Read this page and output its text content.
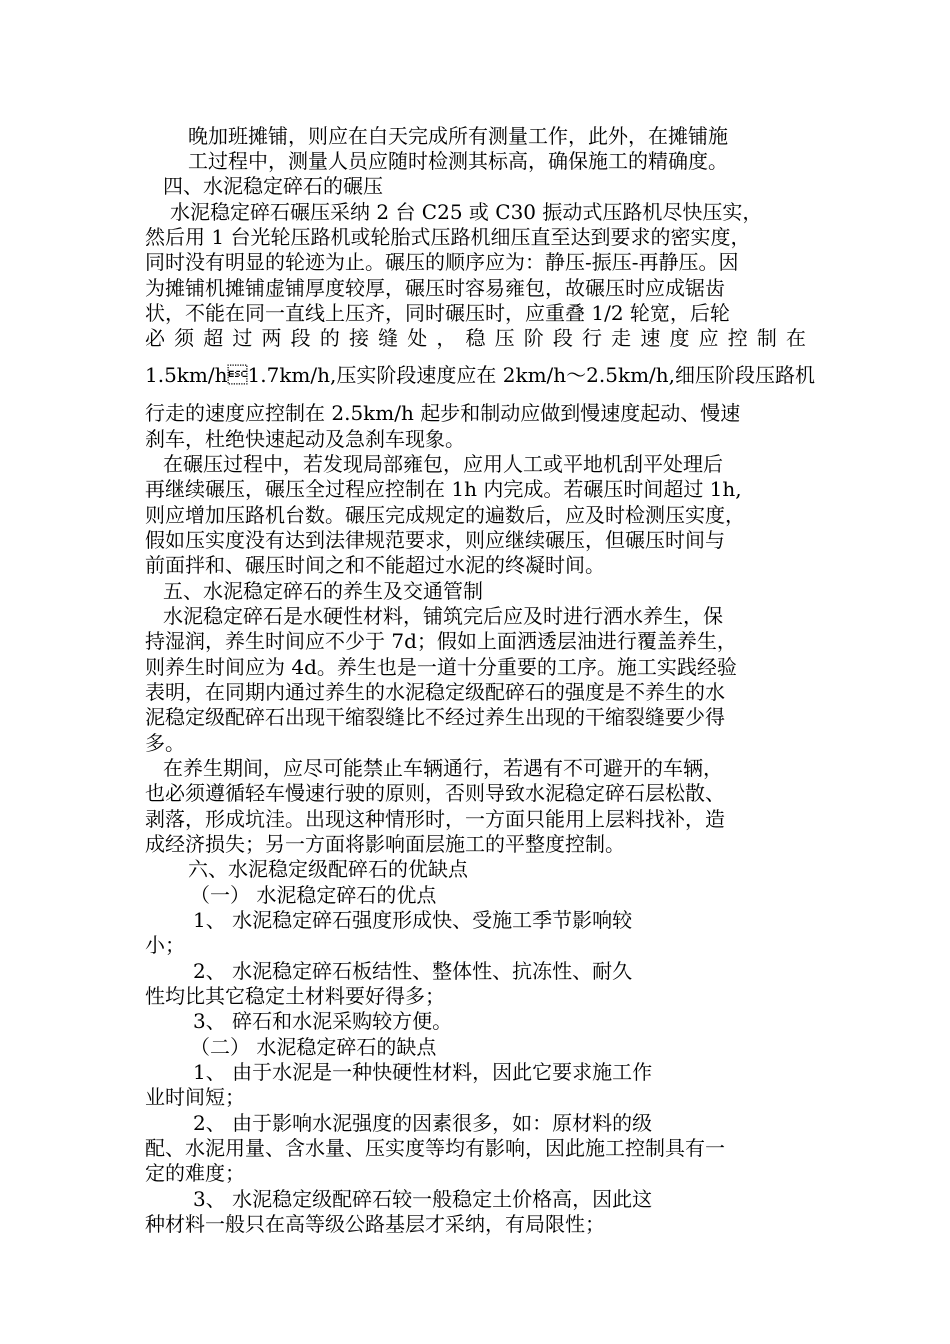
晚加班摊铺，则应在白天完成所有测量工作，此外，在摊铺施

工过程中，测量人员应随时检测其标高，确保施工的精确度。

四、水泥稳定碎石的碾压

水泥稳定碎石碾压采纳 2 台 C25 或 C30 振动式压路机尽快压实，

然后用 1 台光轮压路机或轮胎式压路机细压直至达到要求的密实度，

同时没有明显的轮迹为止。碾压的顺序应为：静压-振压-再静压。因

为摊铺机摊铺虚铺厚度较厚，碾压时容易雍包，故碾压时应成锯齿

状，不能在同一直线上压齐，同时碾压时，应重叠 1/2 轮宽，后轮

必须超过两段的接缝处，稳压阶段行走速度应控制在

1.5km/h1.7km/h,压实阶段速度应在 2km/h～2.5km/h,细压阶段压路机

行走的速度应控制在 2.5km/h 起步和制动应做到慢速度起动、慢速

刹车，杜绝快速起动及急刹车现象。

在碾压过程中，若发现局部雍包，应用人工或平地机刮平处理后

再继续碾压，碾压全过程应控制在 1h 内完成。若碾压时间超过 1h,

则应增加压路机台数。碾压完成规定的遍数后，应及时检测压实度，

假如压实度没有达到法律规范要求，则应继续碾压，但碾压时间与

前面拌和、碾压时间之和不能超过水泥的终凝时间。

五、水泥稳定碎石的养生及交通管制

水泥稳定碎石是水硬性材料，铺筑完后应及时进行洒水养生，保

持湿润，养生时间应不少于 7d；假如上面洒透层油进行覆盖养生，

则养生时间应为 4d。养生也是一道十分重要的工序。施工实践经验

表明，在同期内通过养生的水泥稳定级配碎石的强度是不养生的水

泥稳定级配碎石出现干缩裂缝比不经过养生出现的干缩裂缝要少得

多。

在养生期间，应尽可能禁止车辆通行，若遇有不可避开的车辆，

也必须遵循轻车慢速行驶的原则，否则导致水泥稳定碎石层松散、

剥落，形成坑洼。出现这种情形时，一方面只能用上层料找补，造

成经济损失；另一方面将影响面层施工的平整度控制。

六、水泥稳定级配碎石的优缺点

（一） 水泥稳定碎石的优点

1、 水泥稳定碎石强度形成快、受施工季节影响较

小；

2、 水泥稳定碎石板结性、整体性、抗冻性、耐久

性均比其它稳定土材料要好得多；

3、 碎石和水泥采购较方便。

（二） 水泥稳定碎石的缺点

1、 由于水泥是一种快硬性材料，因此它要求施工作

业时间短；

2、 由于影响水泥强度的因素很多，如：原材料的级

配、水泥用量、含水量、压实度等均有影响，因此施工控制具有一

定的难度；

3、 水泥稳定级配碎石较一般稳定土价格高，因此这

种材料一般只在高等级公路基层才采纳，有局限性；
